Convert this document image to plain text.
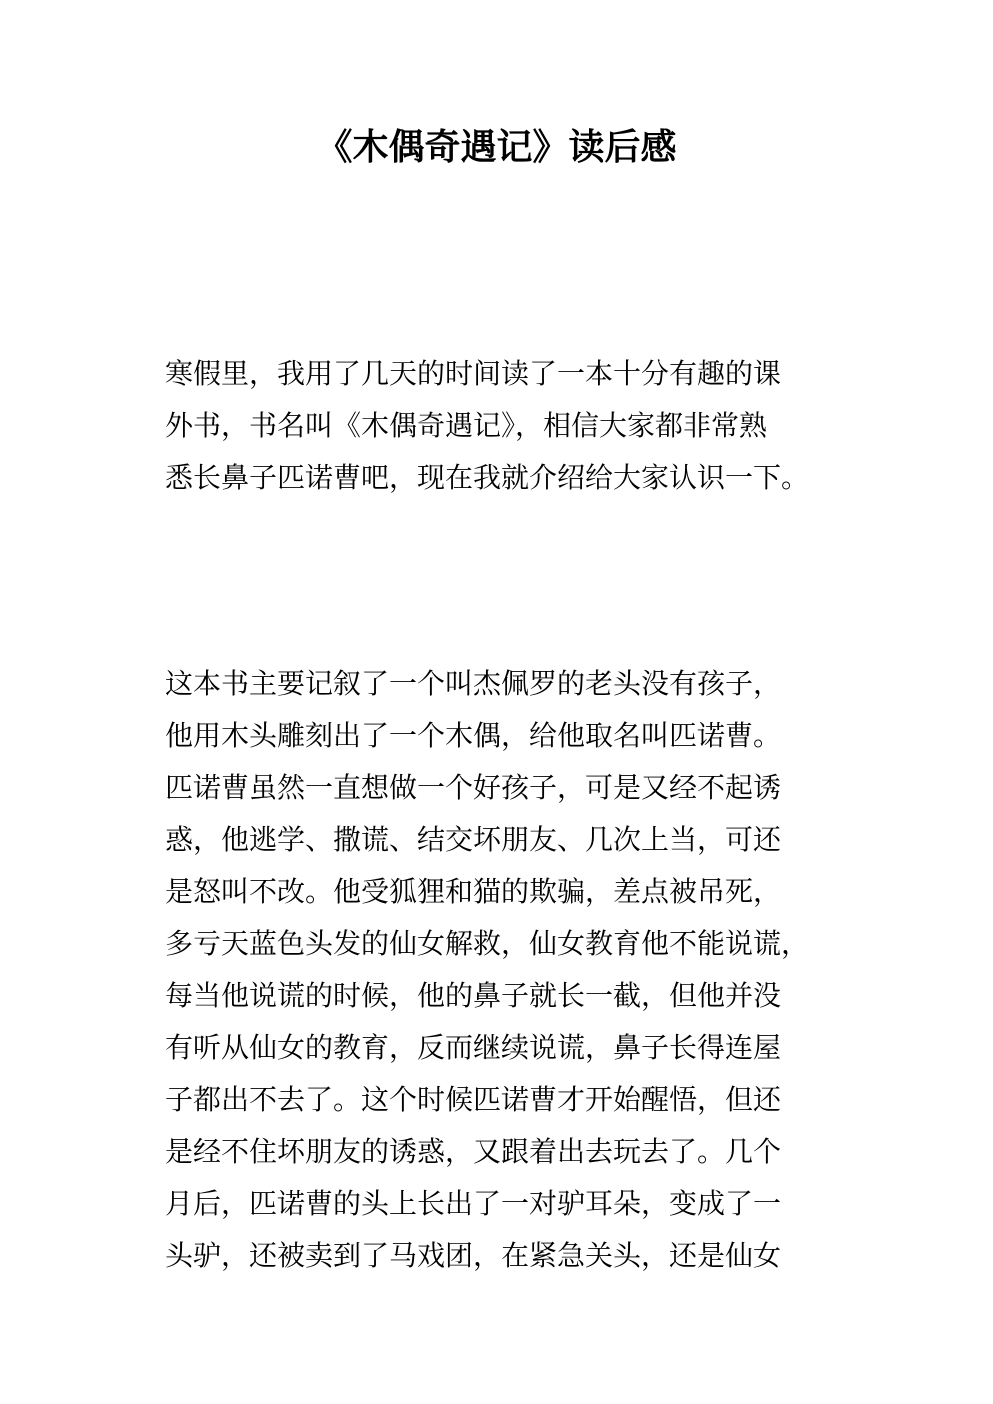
《木偶奇遇记》读后感
寒假里，我用了几天的时间读了一本十分有趣的课
外书，书名叫《木偶奇遇记》，相信大家都非常熟
悉长鼻子匹诺曹吧，现在我就介绍给大家认识一下。
这本书主要记叙了一个叫杰佩罗的老头没有孩子，
他用木头雕刻出了一个木偶，给他取名叫匹诺曹。
匹诺曹虽然一直想做一个好孩子，可是又经不起诱
惑，他逃学、撒谎、结交坏朋友、几次上当，可还
是怒叫不改。他受狐狸和猫的欺骗，差点被吊死，
多亏天蓝色头发的仙女解救，仙女教育他不能说谎，
每当他说谎的时候，他的鼻子就长一截，但他并没
有听从仙女的教育，反而继续说谎，鼻子长得连屋
子都出不去了。这个时候匹诺曹才开始醒悟，但还
是经不住坏朋友的诱惑，又跟着出去玩去了。几个
月后，匹诺曹的头上长出了一对驴耳朵，变成了一
头驴，还被卖到了马戏团，在紧急关头，还是仙女
